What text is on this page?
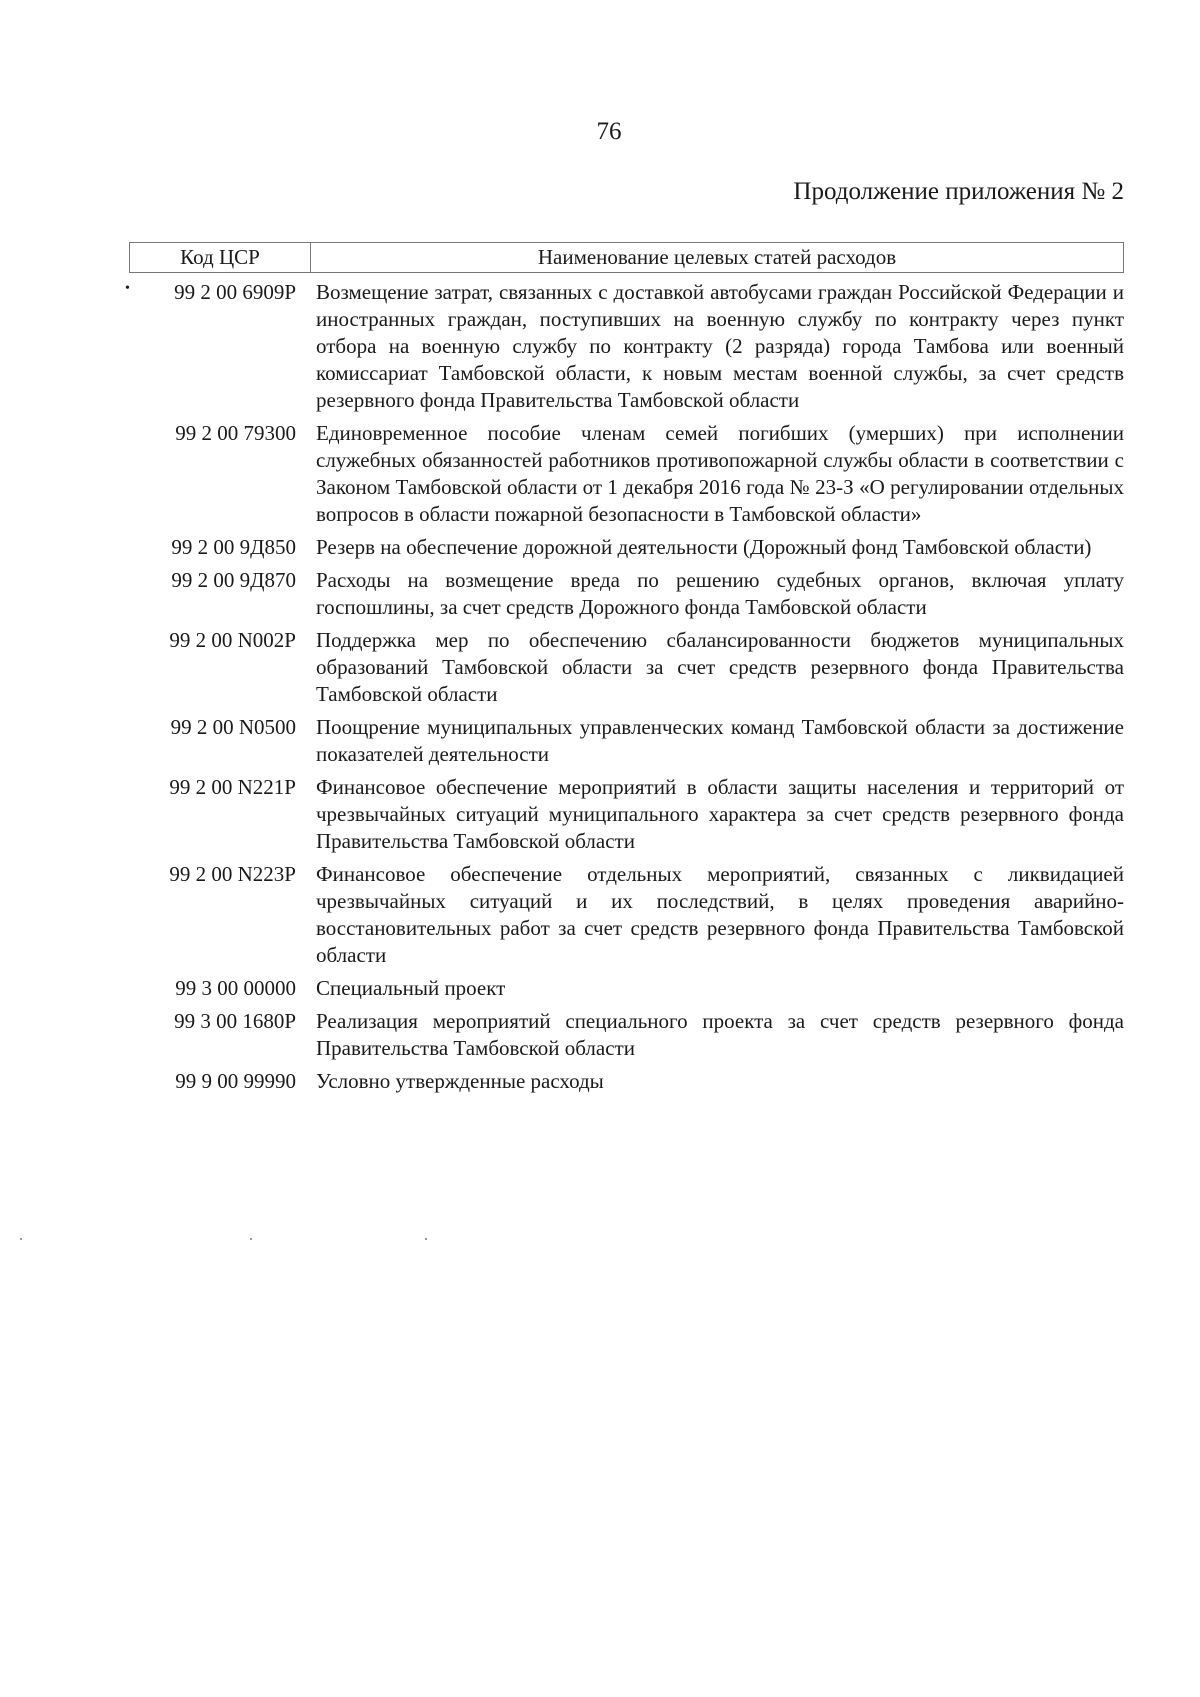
76
Продолжение приложения № 2
•
Код ЦСР	Наименование целевых статей расходов
99 2 00 6909Р Возмещение затрат, связанных с доставкой автобусами граждан Российской Федерации и иностранных граждан, поступивших на военную службу по контракту через пункт отбора на военную службу по контракту (2 разряда) города Тамбова или военный комиссариат Тамбовской области, к новым местам военной службы, за счет средств резервного фонда Правительства Тамбовской области
99 2 00 79300 Единовременное пособие членам семей погибших (умерших) при исполнении служебных обязанностей работников противопожарной службы области в соответствии с Законом Тамбовской области от 1 декабря 2016 года № 23-З «О регулировании отдельных вопросов в области пожарной безопасности в Тамбовской области»
99 2 00 9Д850 Резерв на обеспечение дорожной деятельности (Дорожный фонд Тамбовской области)
99 2 00 9Д870 Расходы на возмещение вреда по решению судебных органов, включая уплату госпошлины, за счет средств Дорожного фонда Тамбовской области
99 2 00 N002Р Поддержка мер по обеспечению сбалансированности бюджетов муниципальных образований Тамбовской области за счет средств резервного фонда Правительства Тамбовской области
99 2 00 N0500 Поощрение муниципальных управленческих команд Тамбовской области за достижение показателей деятельности
99 2 00 N221Р Финансовое обеспечение мероприятий в области защиты населения и территорий от чрезвычайных ситуаций муниципального характера за счет средств резервного фонда Правительства Тамбовской области
99 2 00 N223Р Финансовое обеспечение отдельных мероприятий, связанных с ликвидацией чрезвычайных ситуаций и их последствий, в целях проведения аварийно-восстановительных работ за счет средств резервного фонда Правительства Тамбовской области
99 3 00 00000 Специальный проект
99 3 00 1680Р Реализация мероприятий специального проекта за счет средств резервного фонда Правительства Тамбовской области
99 9 00 99990 Условно утвержденные расходы
